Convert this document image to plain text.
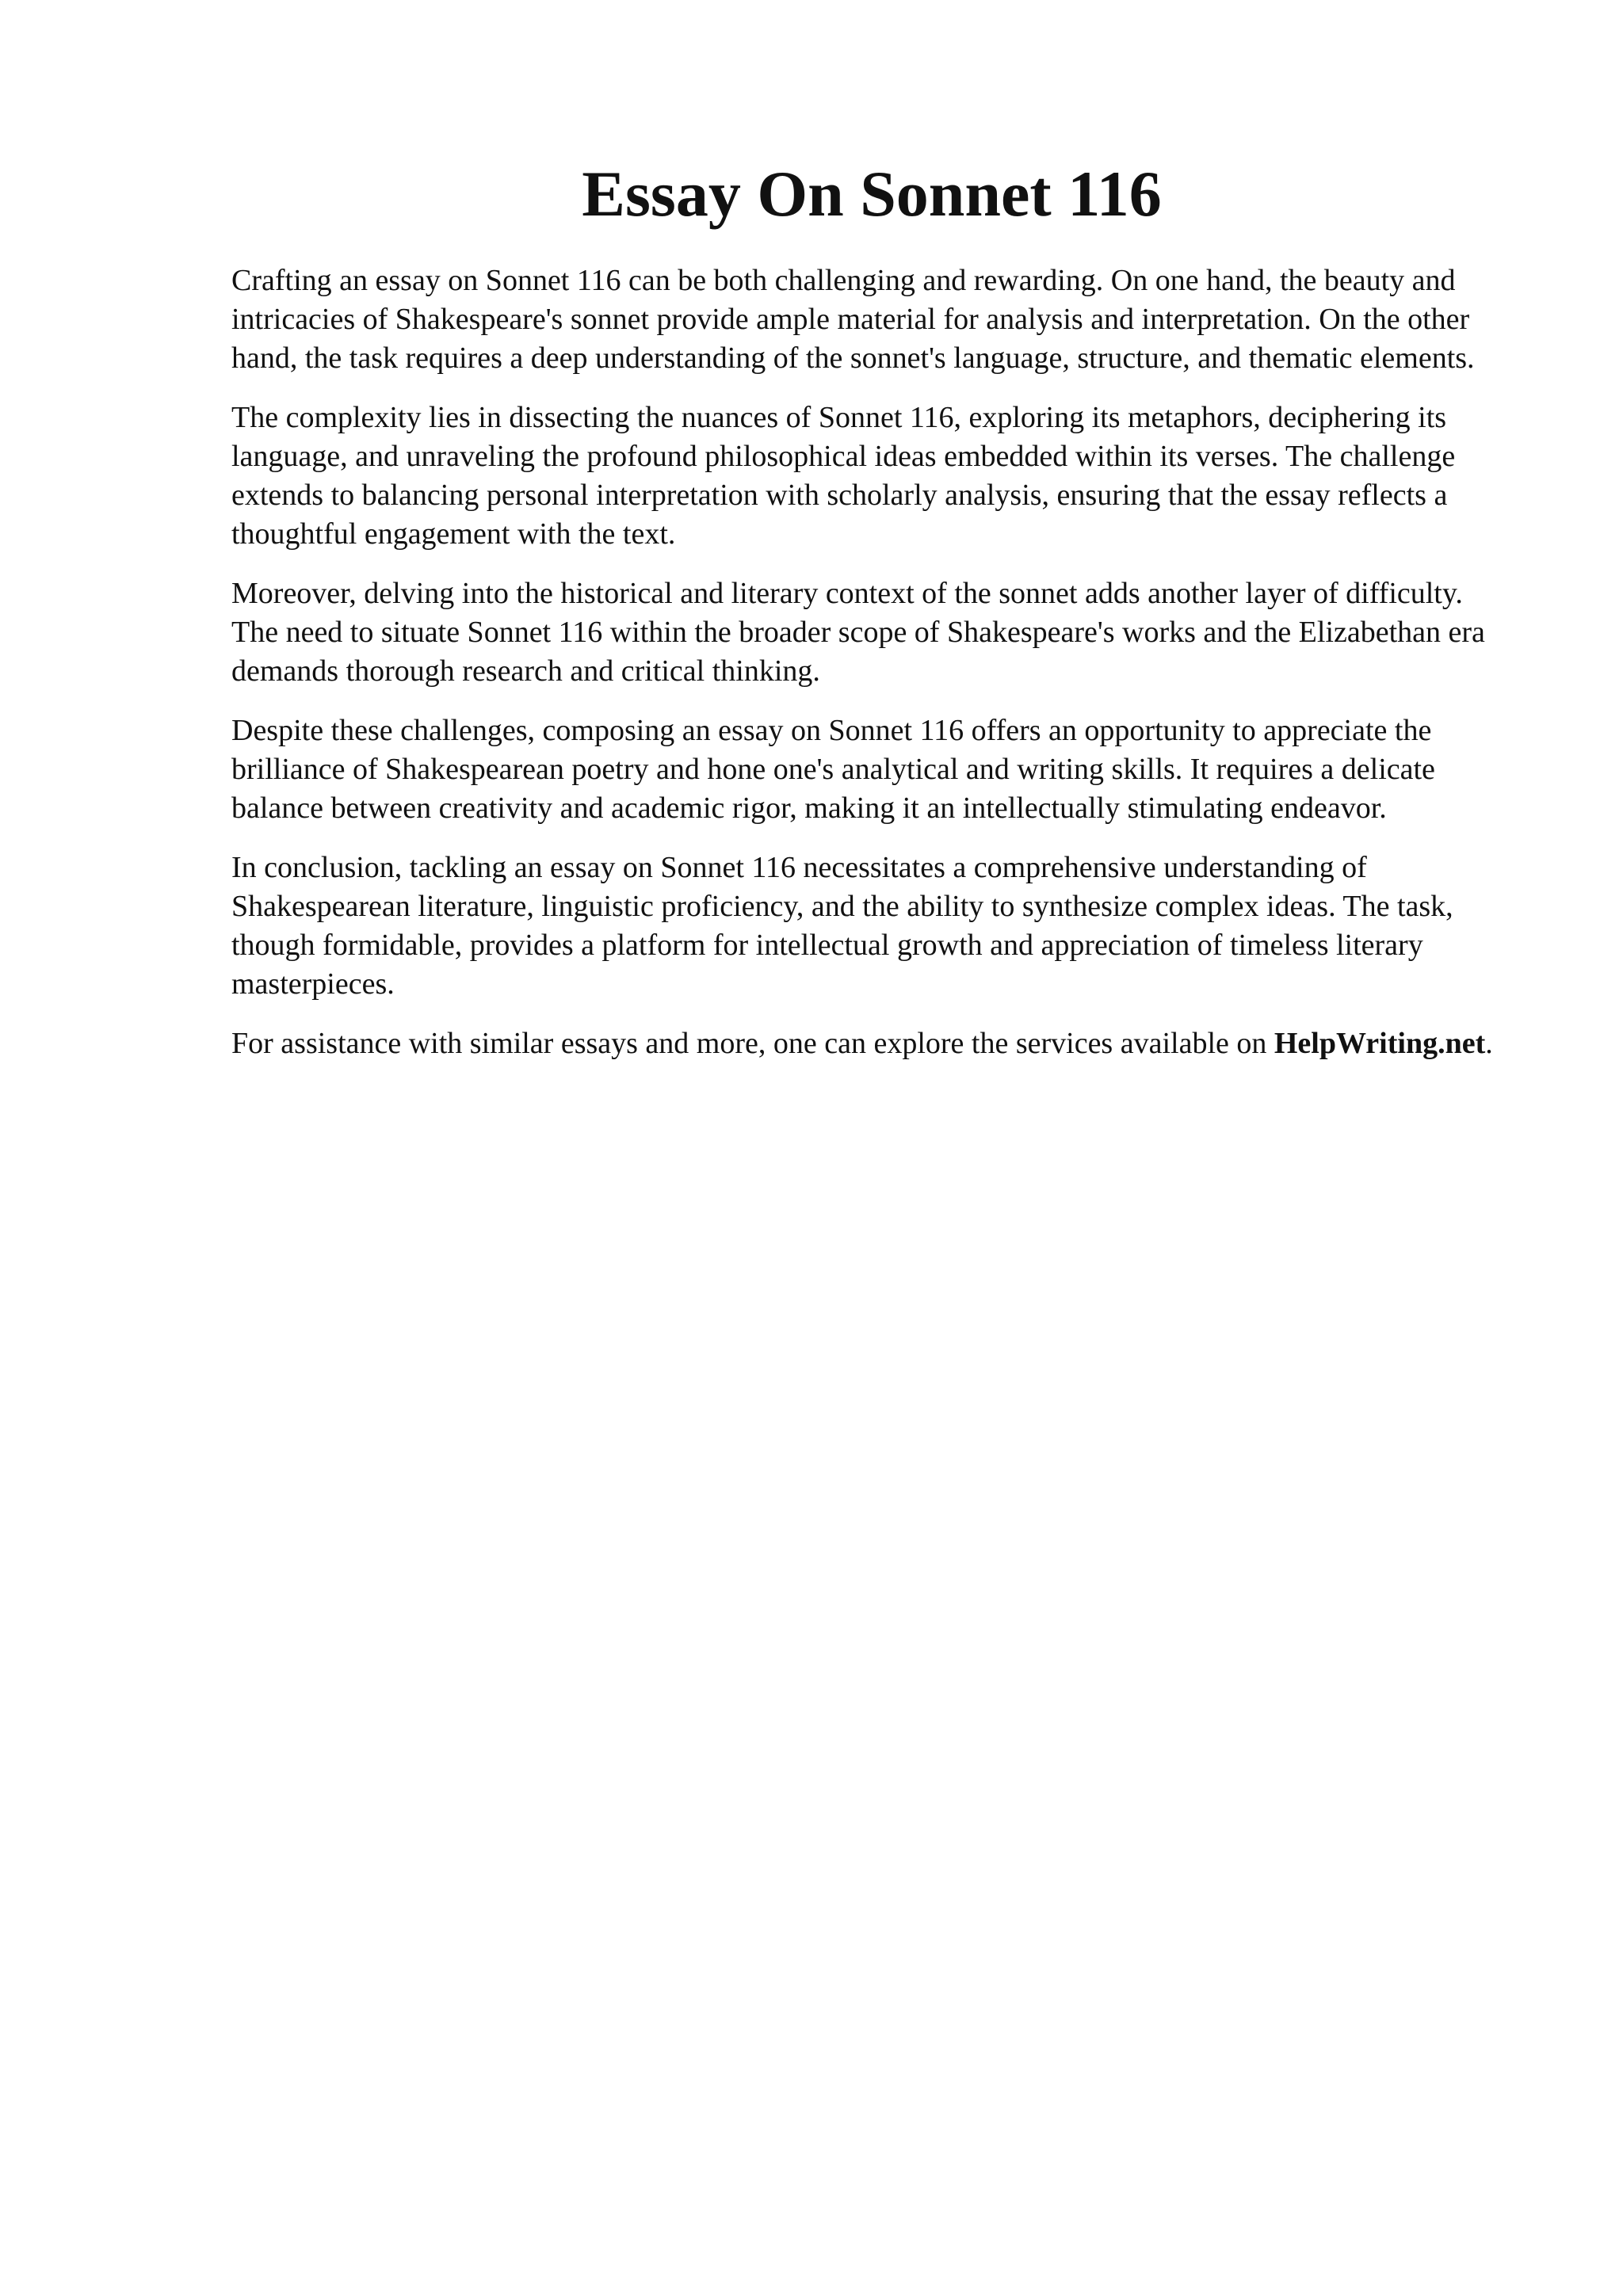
Essay On Sonnet 116

Crafting an essay on Sonnet 116 can be both challenging and rewarding. On one hand, the beauty and intricacies of Shakespeare's sonnet provide ample material for analysis and interpretation. On the other hand, the task requires a deep understanding of the sonnet's language, structure, and thematic elements.

The complexity lies in dissecting the nuances of Sonnet 116, exploring its metaphors, deciphering its language, and unraveling the profound philosophical ideas embedded within its verses. The challenge extends to balancing personal interpretation with scholarly analysis, ensuring that the essay reflects a thoughtful engagement with the text.

Moreover, delving into the historical and literary context of the sonnet adds another layer of difficulty. The need to situate Sonnet 116 within the broader scope of Shakespeare's works and the Elizabethan era demands thorough research and critical thinking.

Despite these challenges, composing an essay on Sonnet 116 offers an opportunity to appreciate the brilliance of Shakespearean poetry and hone one's analytical and writing skills. It requires a delicate balance between creativity and academic rigor, making it an intellectually stimulating endeavor.

In conclusion, tackling an essay on Sonnet 116 necessitates a comprehensive understanding of Shakespearean literature, linguistic proficiency, and the ability to synthesize complex ideas. The task, though formidable, provides a platform for intellectual growth and appreciation of timeless literary masterpieces.

For assistance with similar essays and more, one can explore the services available on HelpWriting.net.
